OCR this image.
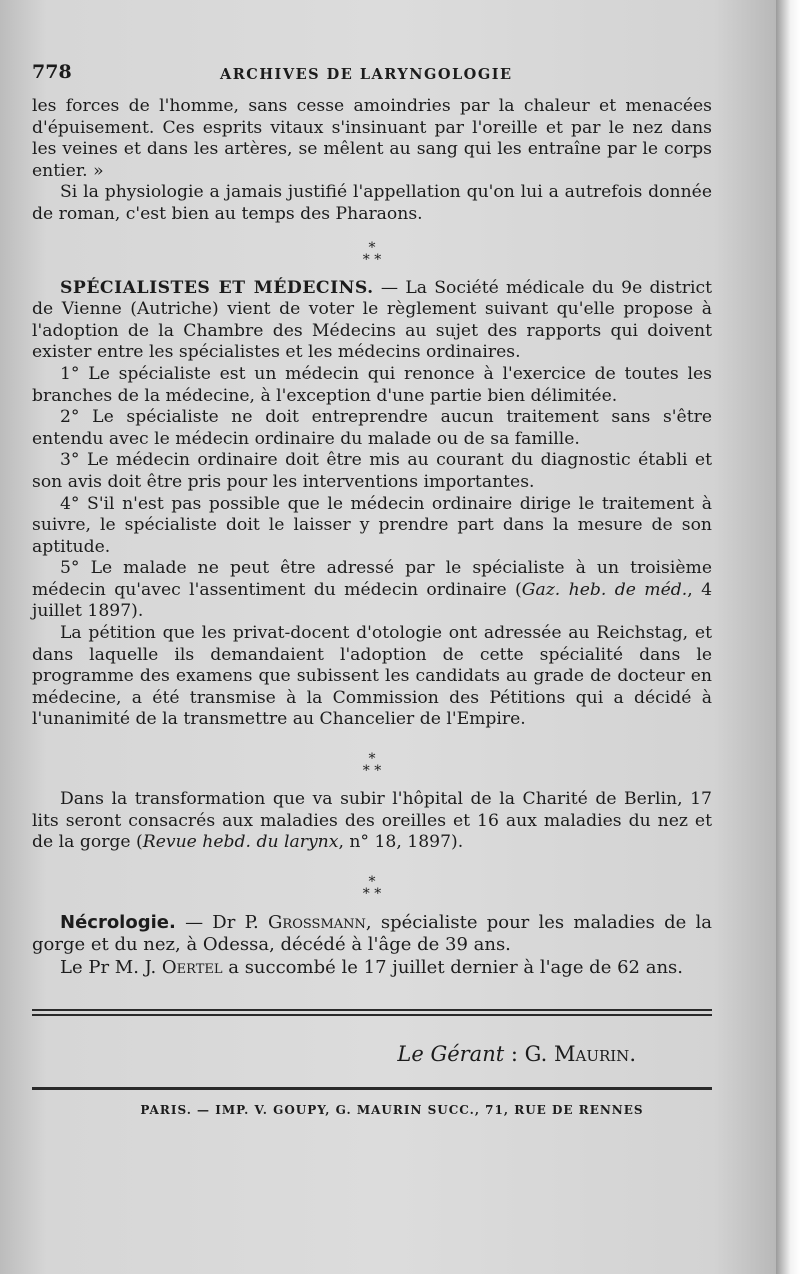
778	ARCHIVES DE LARYNGOLOGIE

les forces de l'homme, sans cesse amoindries par la chaleur et menacées d'épuisement. Ces esprits vitaux s'insinuant par l'oreille et par le nez dans les veines et dans les artères, se mêlent au sang qui les entraîne par le corps entier. »

Si la physiologie a jamais justifié l'appellation qu'on lui a autrefois donnée de roman, c'est bien au temps des Pharaons.

*
* *

SPÉCIALISTES ET MÉDECINS. — La Société médicale du 9e district de Vienne (Autriche) vient de voter le règlement suivant qu'elle propose à l'adoption de la Chambre des Médecins au sujet des rapports qui doivent exister entre les spécialistes et les médecins ordinaires.

1° Le spécialiste est un médecin qui renonce à l'exercice de toutes les branches de la médecine, à l'exception d'une partie bien délimitée.

2° Le spécialiste ne doit entreprendre aucun traitement sans s'être entendu avec le médecin ordinaire du malade ou de sa famille.

3° Le médecin ordinaire doit être mis au courant du diagnostic établi et son avis doit être pris pour les interventions importantes.

4° S'il n'est pas possible que le médecin ordinaire dirige le traitement à suivre, le spécialiste doit le laisser y prendre part dans la mesure de son aptitude.

5° Le malade ne peut être adressé par le spécialiste à un troisième médecin qu'avec l'assentiment du médecin ordinaire (Gaz. heb. de méd., 4 juillet 1897).

La pétition que les privat-docent d'otologie ont adressée au Reichstag, et dans laquelle ils demandaient l'adoption de cette spécialité dans le programme des examens que subissent les candidats au grade de docteur en médecine, a été transmise à la Commission des Pétitions qui a décidé à l'unanimité de la transmettre au Chancelier de l'Empire.

*
* *

Dans la transformation que va subir l'hôpital de la Charité de Berlin, 17 lits seront consacrés aux maladies des oreilles et 16 aux maladies du nez et de la gorge (Revue hebd. du larynx, n° 18, 1897).

*
* *

Nécrologie. — Dr P. Grossmann, spécialiste pour les maladies de la gorge et du nez, à Odessa, décédé à l'âge de 39 ans.

Le Pr M. J. Oertel a succombé le 17 juillet dernier à l'age de 62 ans.

Le Gérant : G. Maurin.
PARIS. — IMP. V. GOUPY, G. MAURIN SUCC., 71, RUE DE RENNES
